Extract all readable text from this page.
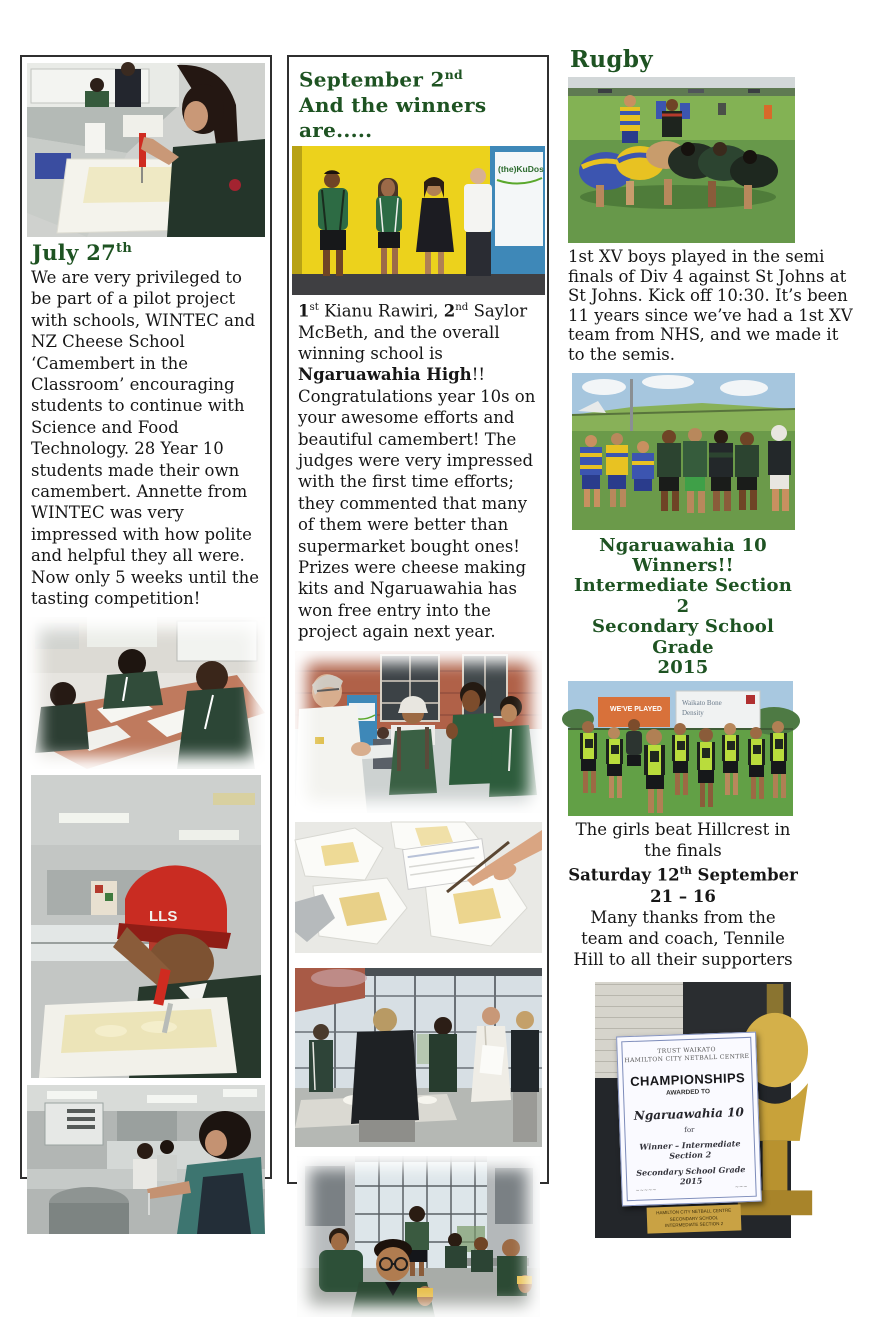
July 27th
We are very privileged to be part of a pilot project with schools, WINTEC and NZ Cheese School ‘Camembert in the Classroom’ encouraging students to continue with Science and Food Technology. 28 Year 10 students made their own camembert. Annette from WINTEC was very impressed with how polite and helpful they all were. Now only 5 weeks until the tasting competition!
LLS
September 2nd
And the winners are.....
(the)KuDos
1st Kianu Rawiri, 2nd Saylor McBeth, and the overall winning school is Ngaruawahia High!! Congratulations year 10s on your awesome efforts and beautiful camembert! The judges were very impressed with the first time efforts; they commented that many of them were better than supermarket bought ones! Prizes were cheese making kits and Ngaruawahia has won free entry into the project again next year.
Rugby
1st XV boys played in the semi finals of Div 4 against St Johns at St Johns. Kick off 10:30. It’s been 11 years since we’ve had a 1st XV team from NHS, and we made it to the semis.
Ngaruawahia 10
Winners!!
Intermediate Section 2
Secondary School Grade
2015
WE'VE PLAYED
Waikato Bone
Density
The girls beat Hillcrest in the finals
Saturday 12th September
21 – 16
Many thanks from the team and coach, Tennile Hill to all their supporters
TRUST WAIKATO
HAMILTON CITY NETBALL CENTRE
CHAMPIONSHIPS
AWARDED TO
Ngaruawahia 10
for
Winner – Intermediate Section 2
Secondary School Grade 2015
~~~~~	~~~
HAMILTON CITY NETBALL CENTRE
SECONDARY SCHOOL
INTERMEDIATE SECTION 2
